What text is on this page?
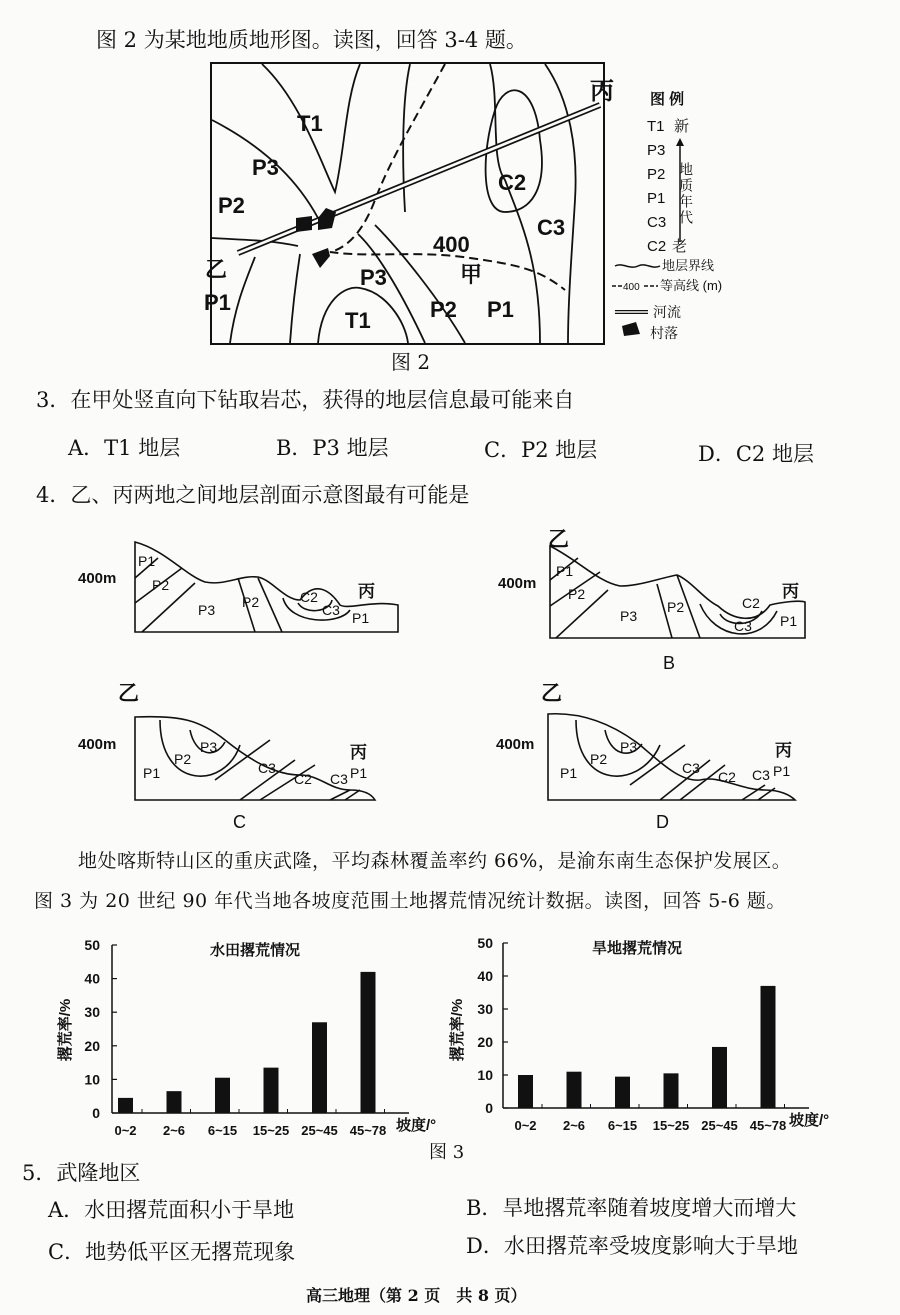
图 2 为某地地质地形图。读图，回答 3-4 题。
T1
P3
P2
乙
P1
C2
C3
丙
400
甲
P3
T1	P2 P1
图 例
T1
P3
P2
P1
C3
C2
新
老
地质年代
地层界线
400 等高线 (m)
河流
村落
图 2
3．在甲处竖直向下钻取岩芯，获得的地层信息最可能来自
A．T1 地层	B．P3 地层	C．P2 地层	D．C2 地层
4．乙、丙两地之间地层剖面示意图最有可能是
400m
丙
P1
P2
P3 P2	C2
C3 P1
乙
400m	丙
P1
P2
P3
P2	C2
C3 P1
B
乙
400m	丙
P1
P2
P3
C3
C2 C3 P1
C
乙
400m	丙
P1
P2
P3
C3
C2 C3 P1
D
地处喀斯特山区的重庆武隆，平均森林覆盖率约 66%，是渝东南生态保护发展区。
图 3 为 20 世纪 90 年代当地各坡度范围土地撂荒情况统计数据。读图，回答 5-6 题。
0
10
20
30
40
50
0~2 2~6 6~15 15~25 25~45 45~78
水田撂荒情况
撂荒率/%
坡度/°
0
10
20
30
40
50
0~2 2~6 6~15 15~25 25~45 45~78
旱地撂荒情况
撂荒率/%
坡度/°
图 3
5．武隆地区
A．水田撂荒面积小于旱地	B．旱地撂荒率随着坡度增大而增大
C．地势低平区无撂荒现象	D．水田撂荒率受坡度影响大于旱地
高三地理（第 2 页　共 8 页）
